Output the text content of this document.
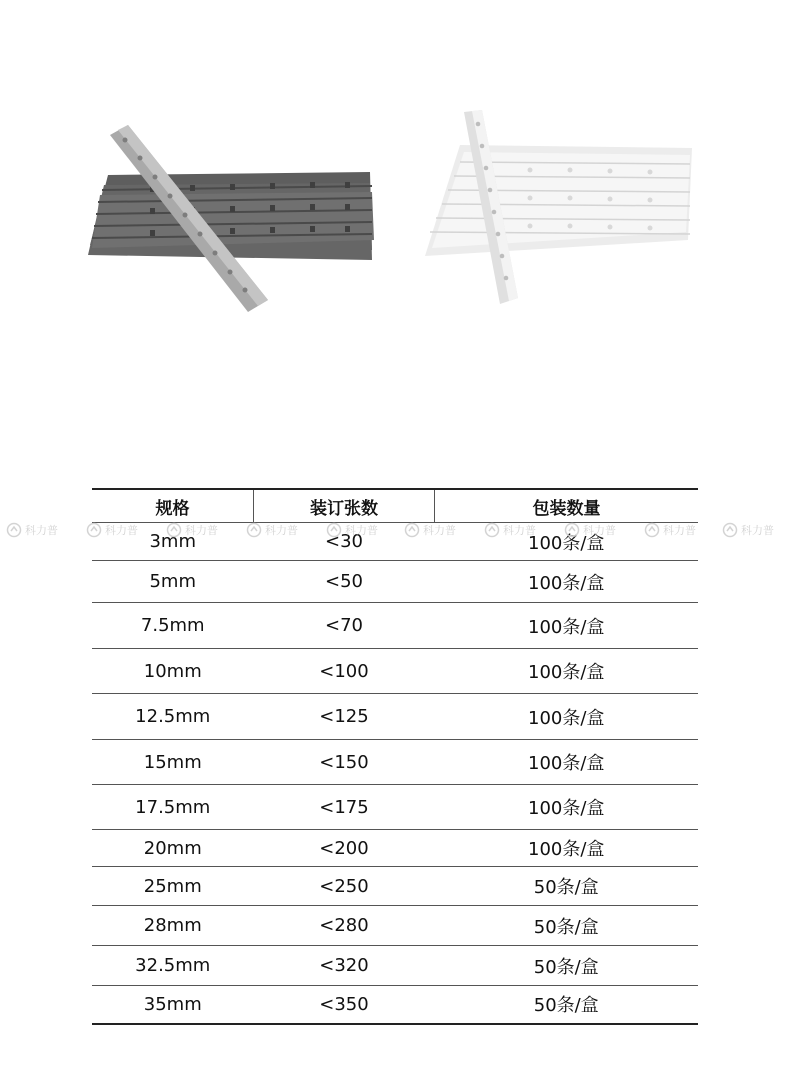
规格	装订张数	包装数量
3mm	<30	100条/盒
5mm	<50	100条/盒
7.5mm	<70	100条/盒
10mm	<100	100条/盒
12.5mm	<125	100条/盒
15mm	<150	100条/盒
17.5mm	<175	100条/盒
20mm	<200	100条/盒
25mm	<250	50条/盒
28mm	<280	50条/盒
32.5mm	<320	50条/盒
35mm	<350	50条/盒
科力普	科力普	科力普	科力普	科力普	科力普	科力普	科力普	科力普	科力普
